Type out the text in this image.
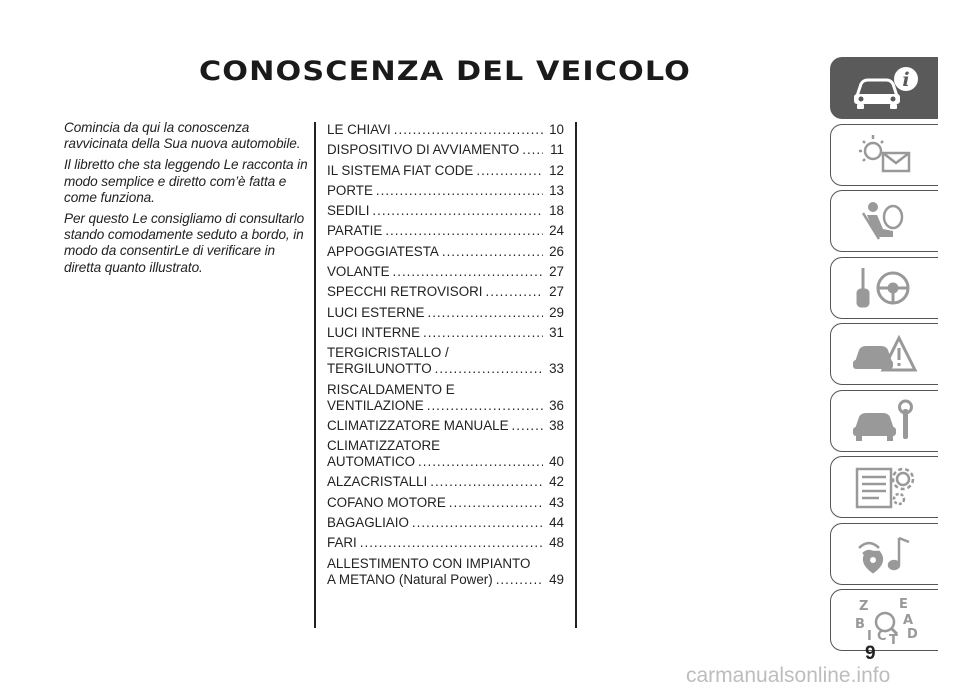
CONOSCENZA DEL VEICOLO

Comincia da qui la conoscenza ravvicinata della Sua nuova automobile.

Il libretto che sta leggendo Le racconta in modo semplice e diretto com’è fatta e come funziona.

Per questo Le consigliamo di consultarlo stando comodamente seduto a bordo, in modo da consentirLe di verificare in diretta quanto illustrato.

LE CHIAVI .....	10
DISPOSITIVO DI AVVIAMENTO .....	11
IL SISTEMA FIAT CODE .....	12
PORTE .....	13
SEDILI .....	18
PARATIE .....	24
APPOGGIATESTA .....	26
VOLANTE .....	27
SPECCHI RETROVISORI .....	27
LUCI ESTERNE .....	29
LUCI INTERNE .....	31
TERGICRISTALLO /
TERGILUNOTTO .....	33
RISCALDAMENTO E
VENTILAZIONE .....	36
CLIMATIZZATORE MANUALE .....	38
CLIMATIZZATORE
AUTOMATICO .....	40
ALZACRISTALLI .....	42
COFANO MOTORE .....	43
BAGAGLIAIO .....	44
FARI .....	48
ALLESTIMENTO CON IMPIANTO
A METANO (Natural Power) .....	49
i
Z E
A
B
C T D
I
9
carmanualsonline.info
